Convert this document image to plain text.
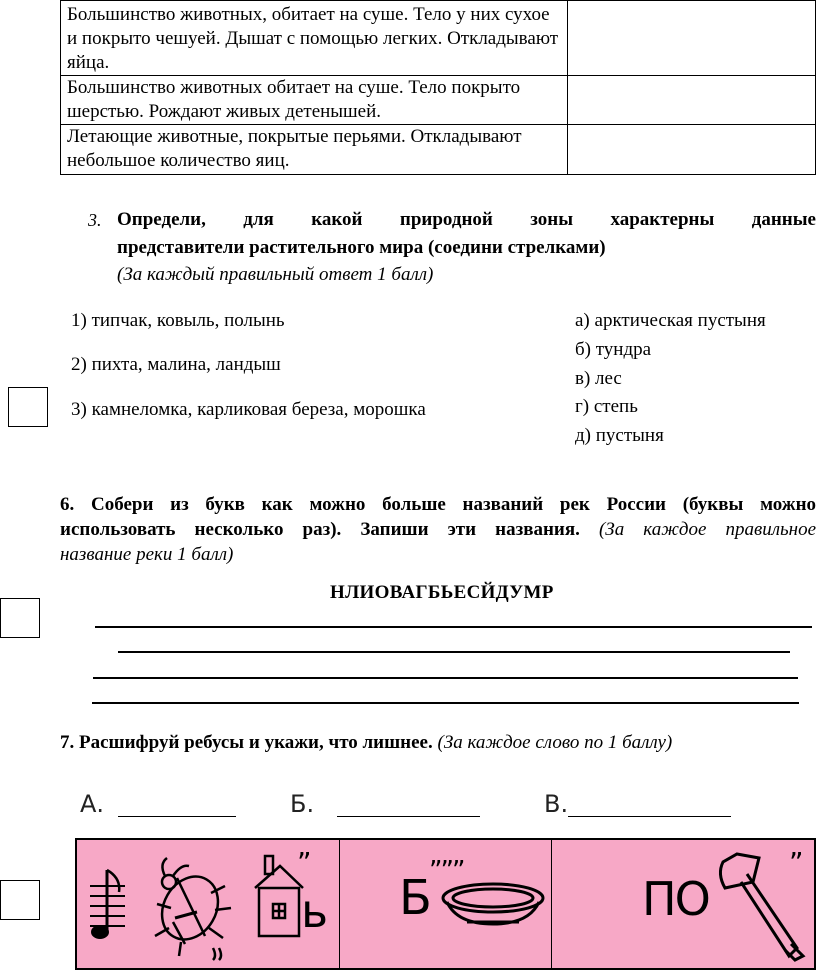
Большинство животных, обитает на суше. Тело у них сухое и покрыто чешуей. Дышат с помощью легких. Откладывают яйца.	
Большинство животных обитает на суше. Тело покрыто шерстью. Рождают живых детенышей.	
Летающие животные, покрытые перьями. Откладывают небольшое количество яиц.	
3. Определи, для какой природной зоны характерны данные
представители растительного мира (соедини стрелками)
(За каждый правильный ответ 1 балл)
1) типчак, ковыль, полынь
2) пихта, малина, ландыш
3) камнеломка, карликовая береза, морошка
а) арктическая пустыня
б) тундра
в) лес
г) степь
д) пустыня
6. Собери из букв как можно больше названий рек России (буквы можно
использовать несколько раз). Запиши эти названия. (За каждое правильное
название реки 1 балл)
НЛИОВАГБЬЕСЙДУМР
7. Расшифруй ребусы и укажи, что лишнее. (За каждое слово по 1 баллу)
А.	Б.	В.
”
ь Б
”””
ПО
”
